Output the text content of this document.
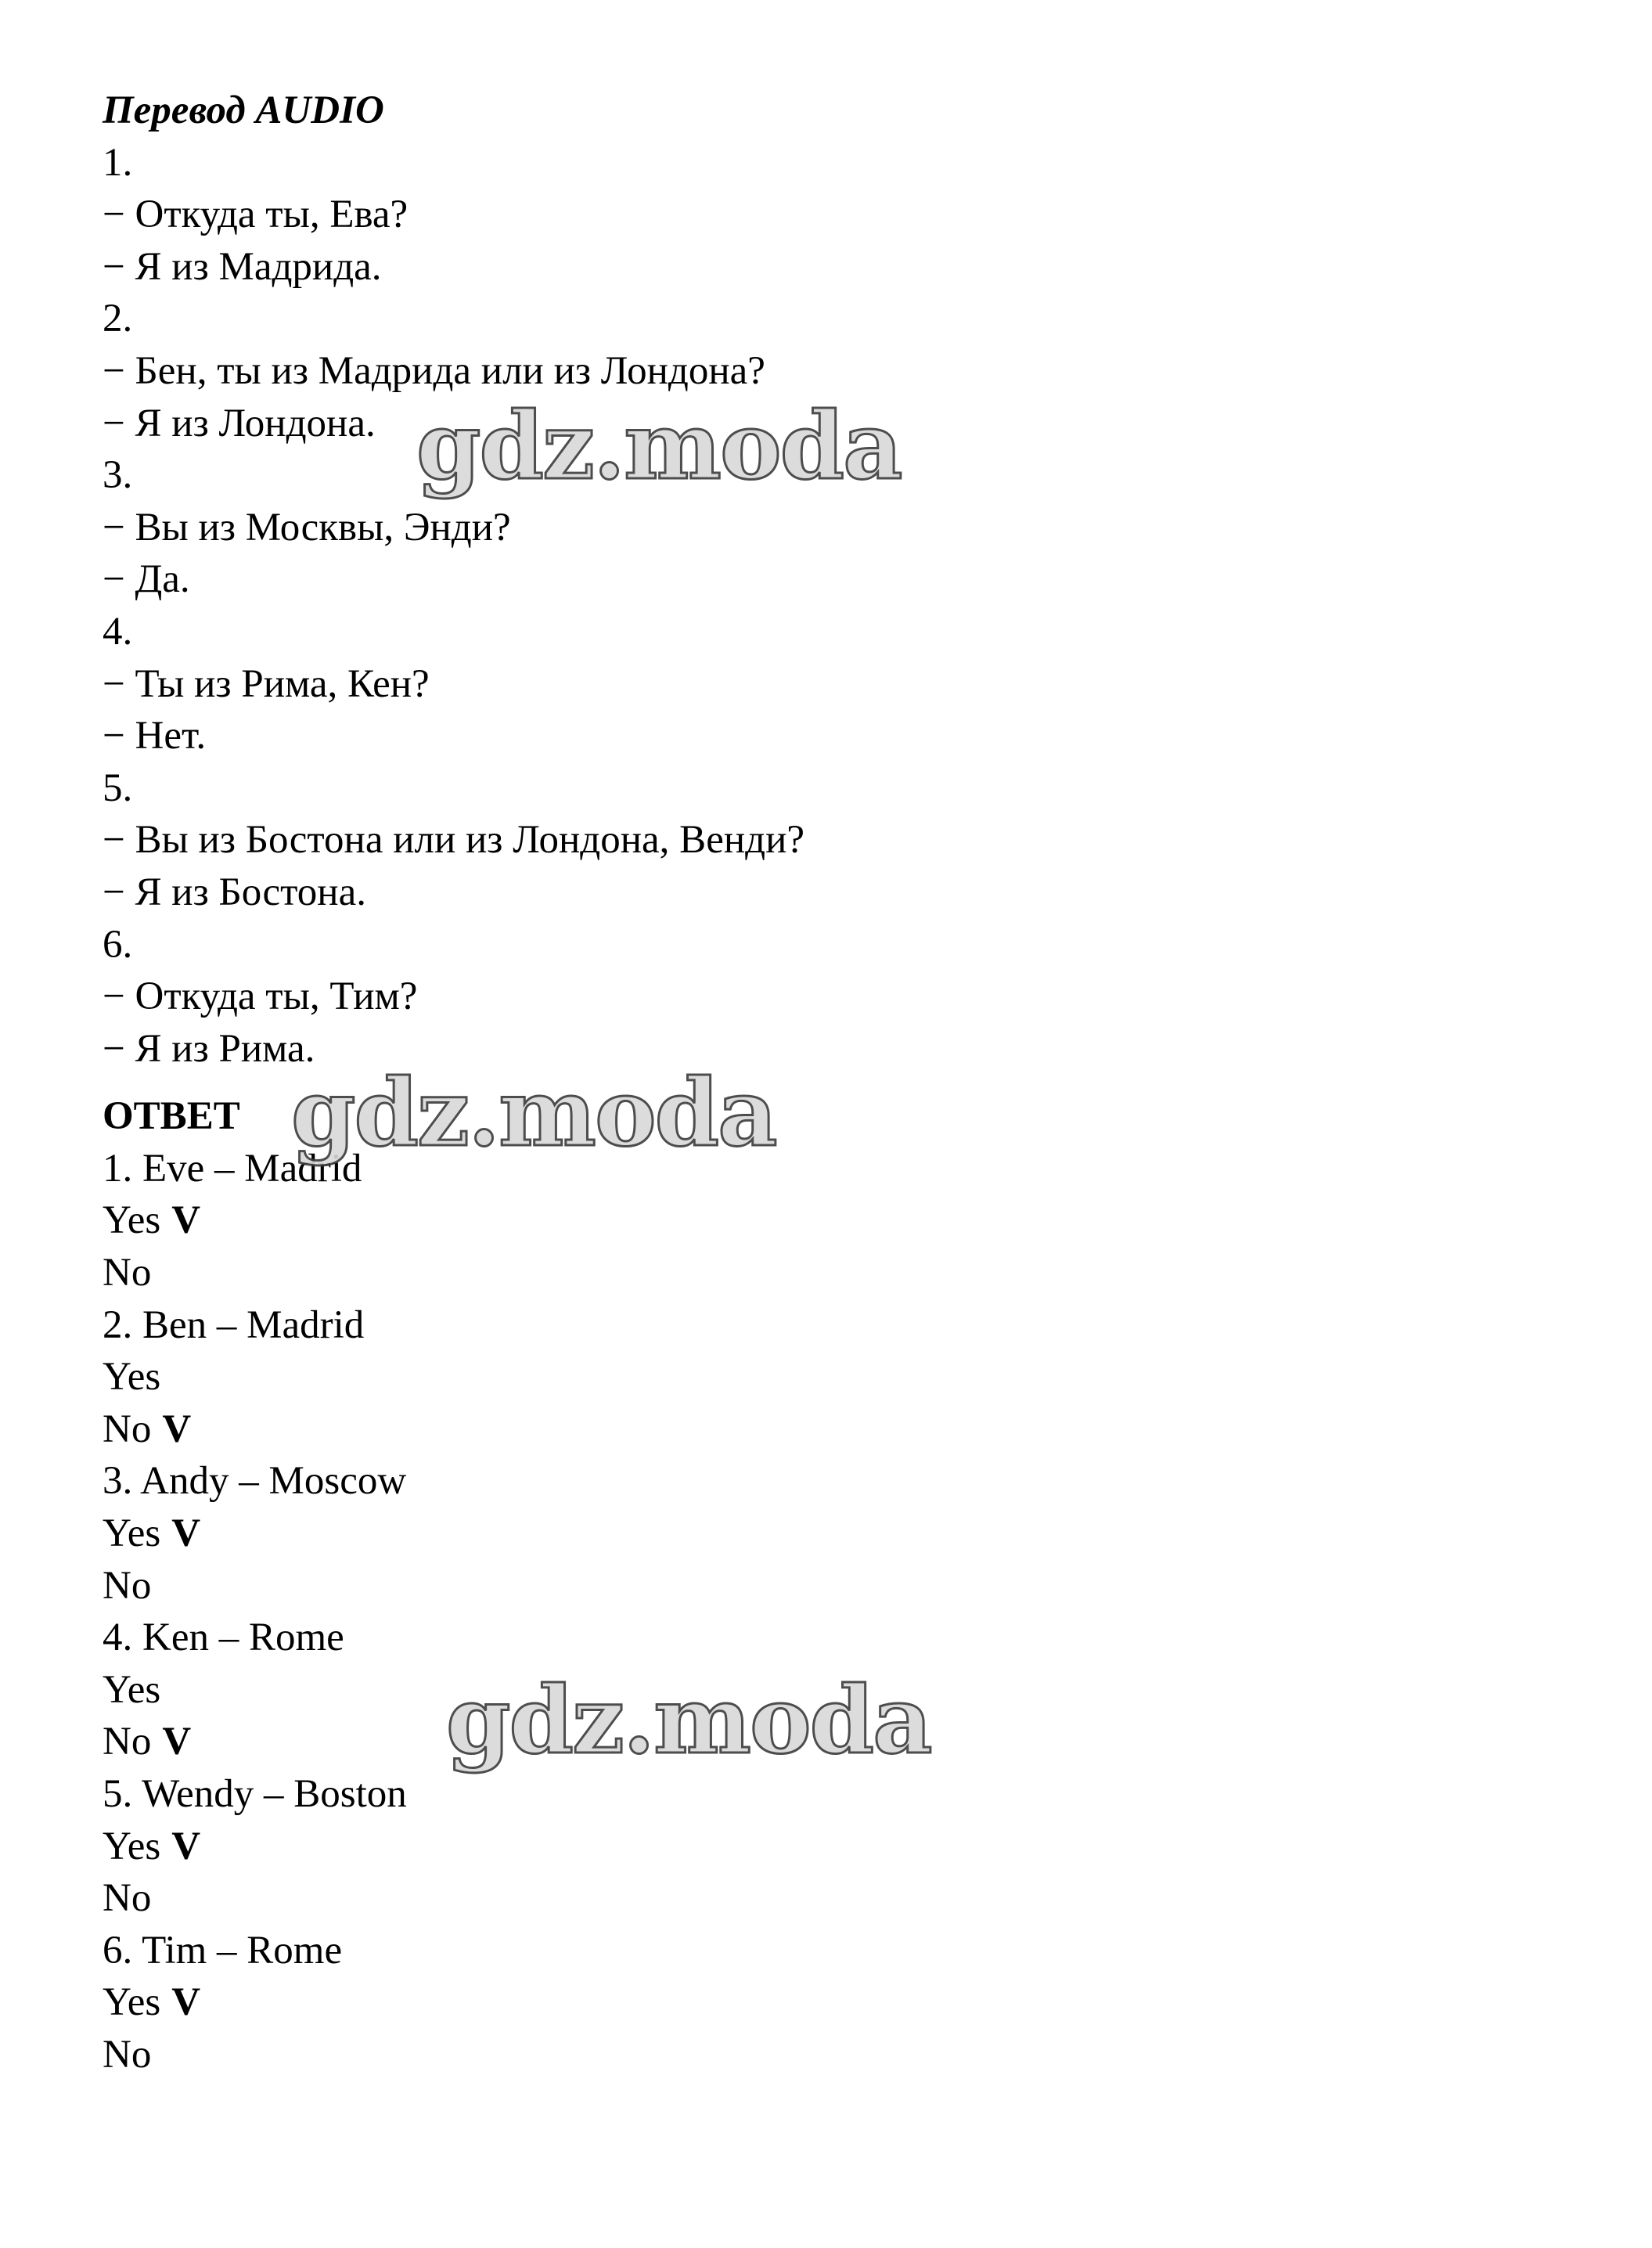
Перевод AUDIO
1.
− Откуда ты, Ева?
− Я из Мадрида.
2.
− Бен, ты из Мадрида или из Лондона?
− Я из Лондона.
3.
− Вы из Москвы, Энди?
− Да.
4.
− Ты из Рима, Кен?
− Нет.
5.
− Вы из Бостона или из Лондона, Венди?
− Я из Бостона.
6.
− Откуда ты, Тим?
− Я из Рима.
ОТВЕТ
1. Eve – Madrid
Yes V
No
2. Ben – Madrid
Yes
No V
3. Andy – Moscow
Yes V
No
4. Ken – Rome
Yes
No V
5. Wendy – Boston
Yes V
No
6. Tim – Rome
Yes V
No
gdz.moda
gdz.moda
gdz.moda
